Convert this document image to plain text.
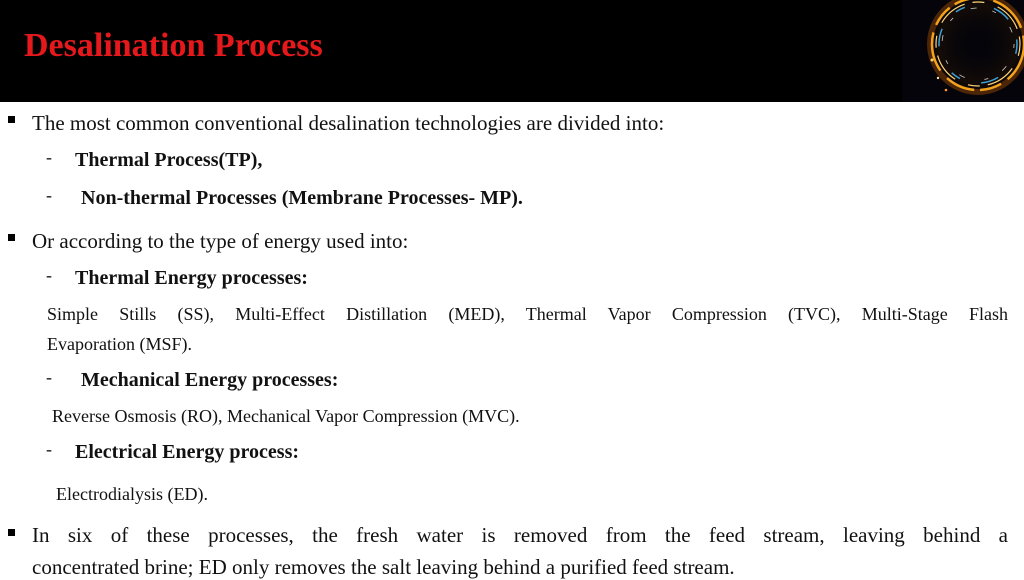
Desalination Process
The most common conventional desalination technologies are divided into:
- Thermal Process(TP),
- Non-thermal Processes (Membrane Processes- MP).
Or according to the type of energy used into:
- Thermal Energy processes:
Simple Stills (SS), Multi-Effect Distillation (MED), Thermal Vapor Compression (TVC), Multi-Stage Flash
Evaporation (MSF).
- Mechanical Energy processes:
Reverse Osmosis (RO), Mechanical Vapor Compression (MVC).
- Electrical Energy process:
Electrodialysis (ED).
In six of these processes, the fresh water is removed from the feed stream, leaving behind a
concentrated brine; ED only removes the salt leaving behind a purified feed stream.
